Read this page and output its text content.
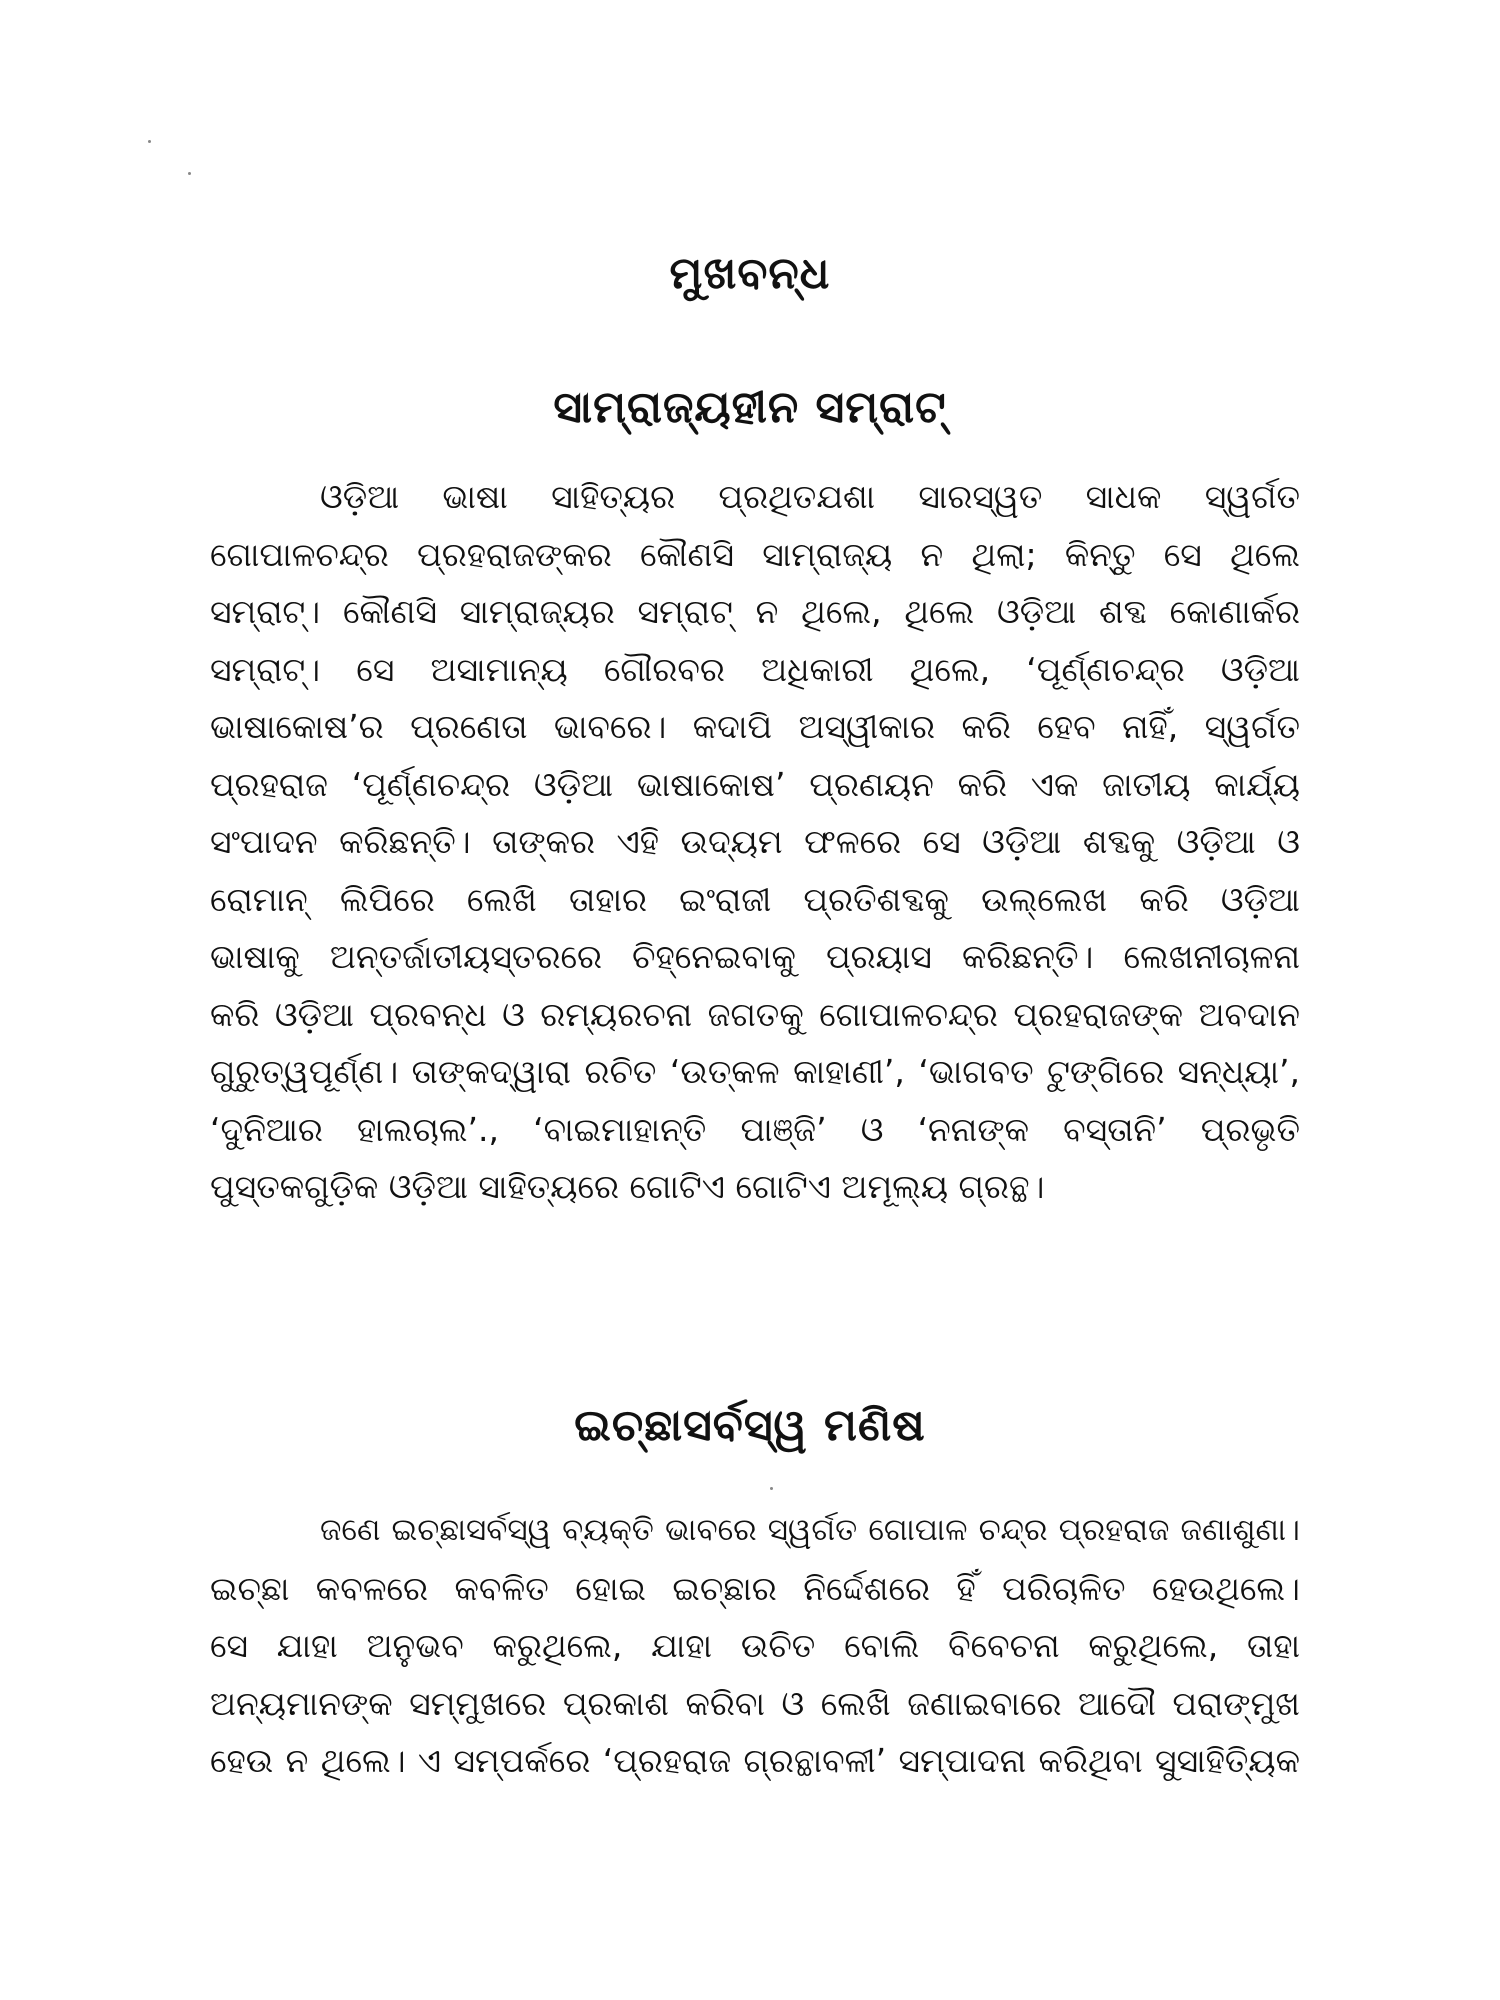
ମୁଖବନ୍ଧ
ସାମ୍ରାଜ୍ୟହୀନ ସମ୍ରାଟ୍
ଓଡ଼ିଆ ଭାଷା ସାହିତ୍ୟର ପ୍ରଥିତଯଶା ସାରସ୍ୱତ ସାଧକ ସ୍ୱର୍ଗତ
ଗୋପାଳଚନ୍ଦ୍ର ପ୍ରହରାଜଙ୍କର କୌଣସି ସାମ୍ରାଜ୍ୟ ନ ଥିଲା; କିନ୍ତୁ ସେ ଥିଲେ
ସମ୍ରାଟ୍। କୌଣସି ସାମ୍ରାଜ୍ୟର ସମ୍ରାଟ୍ ନ ଥିଲେ, ଥିଲେ ଓଡ଼ିଆ ଶବ୍ଦ କୋଣାର୍କର
ସମ୍ରାଟ୍। ସେ ଅସାମାନ୍ୟ ଗୌରବର ଅଧିକାରୀ ଥିଲେ, ‘ପୂର୍ଣ୍ଣଚନ୍ଦ୍ର ଓଡ଼ିଆ
ଭାଷାକୋଷ’ର ପ୍ରଣେତା ଭାବରେ। କଦାପି ଅସ୍ୱୀକାର କରି ହେବ ନାହିଁ, ସ୍ୱର୍ଗତ
ପ୍ରହରାଜ ‘ପୂର୍ଣ୍ଣଚନ୍ଦ୍ର ଓଡ଼ିଆ ଭାଷାକୋଷ’ ପ୍ରଣୟନ କରି ଏକ ଜାତୀୟ କାର୍ଯ୍ୟ
ସଂପାଦନ କରିଛନ୍ତି। ତାଙ୍କର ଏହି ଉଦ୍ୟମ ଫଳରେ ସେ ଓଡ଼ିଆ ଶବ୍ଦକୁ ଓଡ଼ିଆ ଓ
ରୋମାନ୍ ଲିପିରେ ଲେଖି ତାହାର ଇଂରାଜୀ ପ୍ରତିଶବ୍ଦକୁ ଉଲ୍ଲେଖ କରି ଓଡ଼ିଆ
ଭାଷାକୁ ଅନ୍ତର୍ଜାତୀୟସ୍ତରରେ ଚିହ୍ନେଇବାକୁ ପ୍ରୟାସ କରିଛନ୍ତି। ଲେଖନୀଚାଳନା
କରି ଓଡ଼ିଆ ପ୍ରବନ୍ଧ ଓ ରମ୍ୟରଚନା ଜଗତକୁ ଗୋପାଳଚନ୍ଦ୍ର ପ୍ରହରାଜଙ୍କ ଅବଦାନ
ଗୁରୁତ୍ୱପୂର୍ଣ୍ଣ। ତାଙ୍କଦ୍ୱାରା ରଚିତ ‘ଉତ୍କଳ କାହାଣୀ’, ‘ଭାଗବତ ଟୁଙ୍ଗିରେ ସନ୍ଧ୍ୟା’,
‘ଦୁନିଆର ହାଲଚାଲ’., ‘ବାଇମାହାନ୍ତି ପାଞ୍ଜି’ ଓ ‘ନନାଙ୍କ ବସ୍ତାନି’ ପ୍ରଭୃତି
ପୁସ୍ତକଗୁଡ଼ିକ ଓଡ଼ିଆ ସାହିତ୍ୟରେ ଗୋଟିଏ ଗୋଟିଏ ଅମୂଲ୍ୟ ଗ୍ରନ୍ଥ।
ଇଚ୍ଛାସର୍ବସ୍ୱ ମଣିଷ
ଜଣେ ଇଚ୍ଛାସର୍ବସ୍ୱ ବ୍ୟକ୍ତି ଭାବରେ ସ୍ୱର୍ଗତ ଗୋପାଳ ଚନ୍ଦ୍ର ପ୍ରହରାଜ ଜଣାଶୁଣା।
ଇଚ୍ଛା କବଳରେ କବଳିତ ହୋଇ ଇଚ୍ଛାର ନିର୍ଦ୍ଦେଶରେ ହିଁ ପରିଚାଳିତ ହେଉଥିଲେ।
ସେ ଯାହା ଅନୁଭବ କରୁଥିଲେ, ଯାହା ଉଚିତ ବୋଲି ବିବେଚନା କରୁଥିଲେ, ତାହା
ଅନ୍ୟମାନଙ୍କ ସମ୍ମୁଖରେ ପ୍ରକାଶ କରିବା ଓ ଲେଖି ଜଣାଇବାରେ ଆଦୌ ପରାଙ୍ମୁଖ
ହେଉ ନ ଥିଲେ। ଏ ସମ୍ପର୍କରେ ‘ପ୍ରହରାଜ ଗ୍ରନ୍ଥାବଳୀ’ ସମ୍ପାଦନା କରିଥିବା ସୁସାହିତ୍ୟିକ
